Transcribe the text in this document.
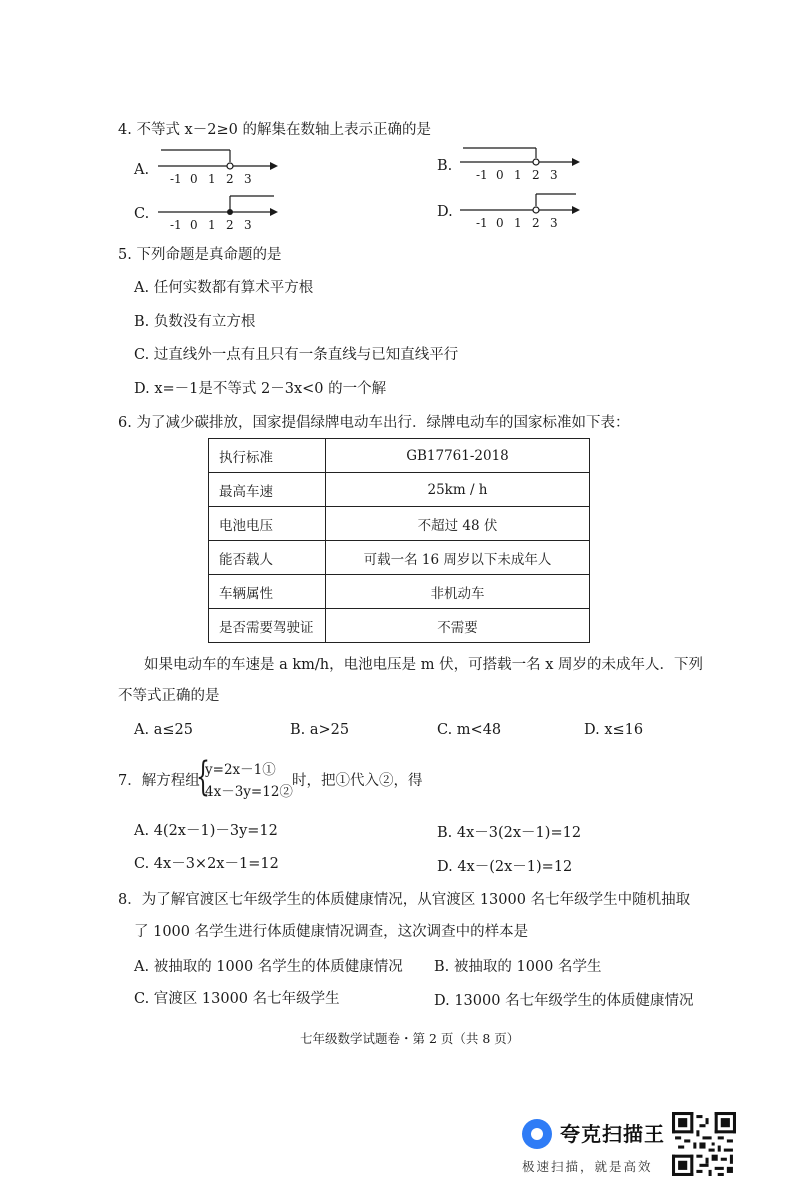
4. 不等式 x－2≥0 的解集在数轴上表示正确的是
A.
-1 0 1 2 3
B.
-1 0 1 2 3
C.
-1 0 1 2 3
D.
-1 0 1 2 3
5. 下列命题是真命题的是
A. 任何实数都有算术平方根
B. 负数没有立方根
C. 过直线外一点有且只有一条直线与已知直线平行
D. x=－1是不等式 2－3x<0 的一个解
6. 为了减少碳排放，国家提倡绿牌电动车出行．绿牌电动车的国家标准如下表：
执行标准	GB17761-2018
最高车速	25km / h
电池电压	不超过 48 伏
能否载人	可载一名 16 周岁以下未成年人
车辆属性	非机动车
是否需要驾驶证	不需要
如果电动车的车速是 a km/h，电池电压是 m 伏，可搭载一名 x 周岁的未成年人．下列
不等式正确的是
A. a≤25	B. a>25	C. m<48	D. x≤16
7．解方程组
{
y=2x－1①
4x－3y=12②
时，把①代入②，得
A. 4(2x－1)－3y=12	B. 4x－3(2x－1)=12
C. 4x－3×2x－1=12	D. 4x－(2x－1)=12
8．为了解官渡区七年级学生的体质健康情况，从官渡区 13000 名七年级学生中随机抽取
了 1000 名学生进行体质健康情况调查，这次调查中的样本是
A. 被抽取的 1000 名学生的体质健康情况 B. 被抽取的 1000 名学生
C. 官渡区 13000 名七年级学生	D. 13000 名七年级学生的体质健康情况
七年级数学试题卷・第 2 页（共 8 页）
夸克扫描王
极速扫描，就是高效
